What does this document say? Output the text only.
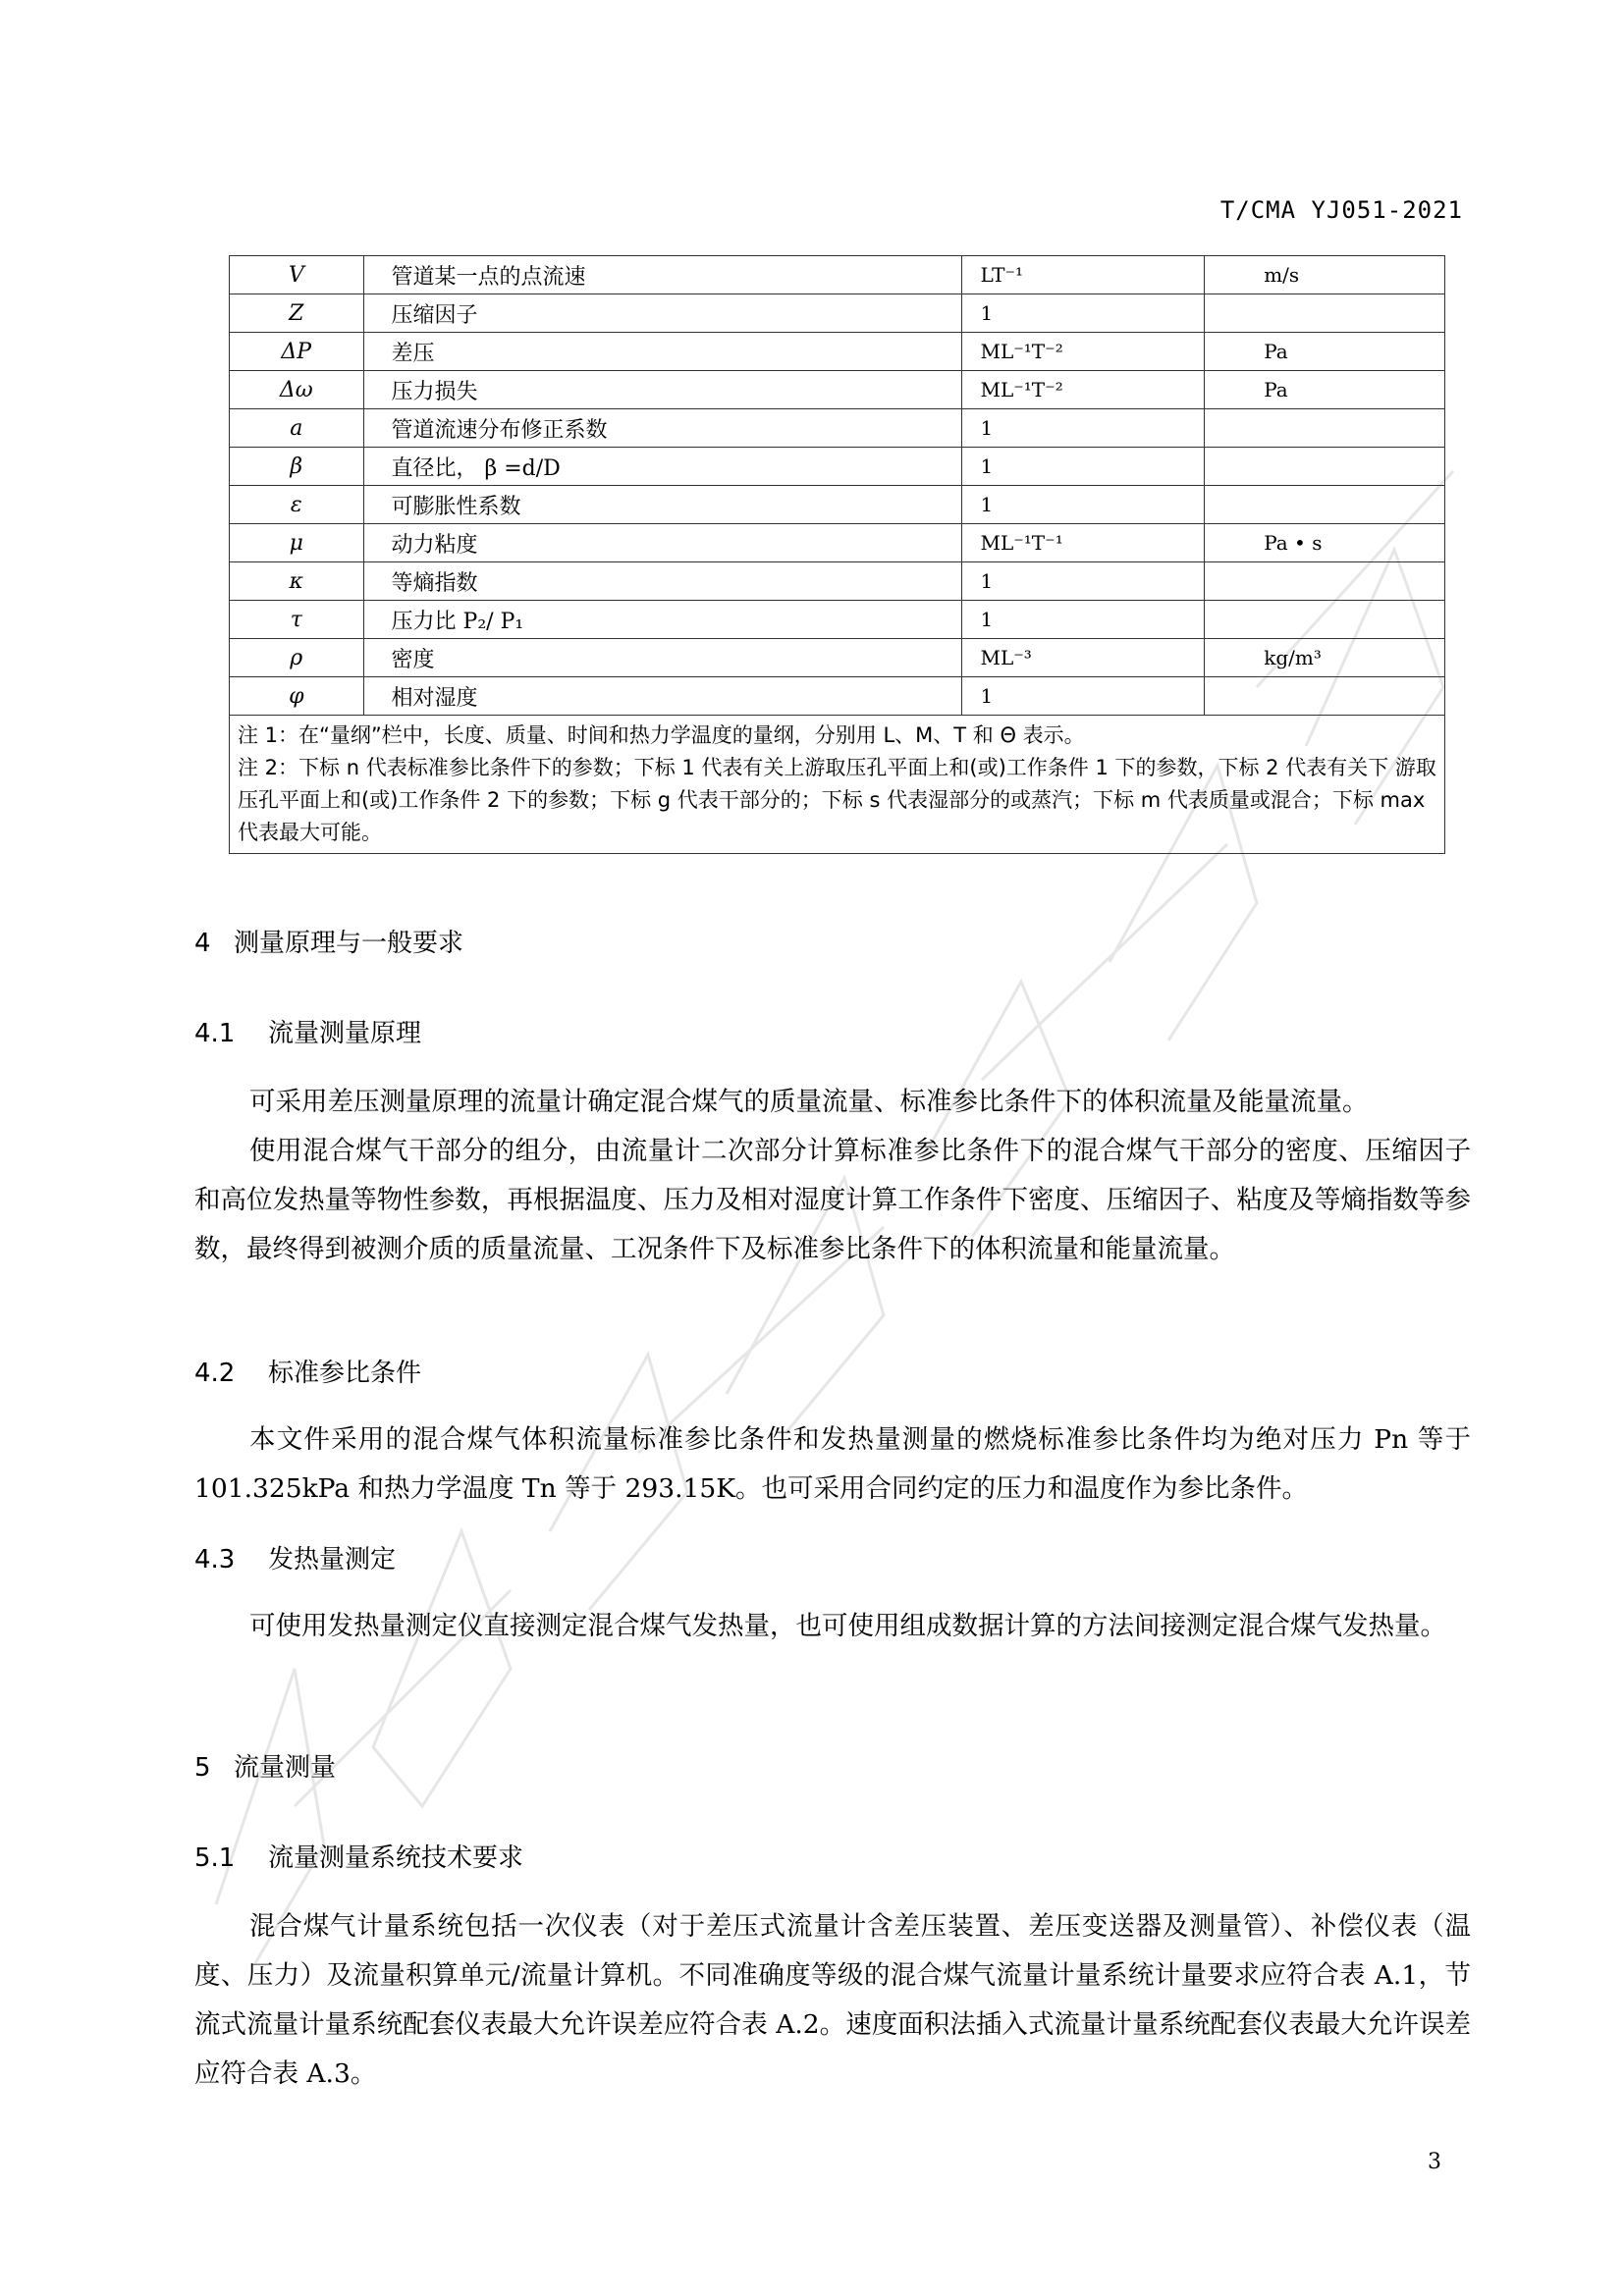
T/CMA YJ051-2021
V	管道某一点的点流速	LT⁻¹	m/s
Z	压缩因子	1	
ΔP	差压	ML⁻¹T⁻²	Pa
Δω	压力损失	ML⁻¹T⁻²	Pa
a	管道流速分布修正系数	1	
β	直径比， β =d/D	1	
ε	可膨胀性系数	1	
μ	动力粘度	ML⁻¹T⁻¹	Pa • s
κ	等熵指数	1	
τ	压力比 P₂/ P₁	1	
ρ	密度	ML⁻³	kg/m³
φ	相对湿度	1	

注 1：在“量纲”栏中，长度、质量、时间和热力学温度的量纲，分别用 L、M、T 和 Θ 表示。
注 2：下标 n 代表标准参比条件下的参数；下标 1 代表有关上游取压孔平面上和(或)工作条件 1 下的参数，下标 2 代表有关下 游取压孔平面上和(或)工作条件 2 下的参数；下标 g 代表干部分的；下标 s 代表湿部分的或蒸汽；下标 m 代表质量或混合；下标 max 代表最大可能。			
4 测量原理与一般要求
4.1 流量测量原理
可采用差压测量原理的流量计确定混合煤气的质量流量、标准参比条件下的体积流量及能量流量。
使用混合煤气干部分的组分，由流量计二次部分计算标准参比条件下的混合煤气干部分的密度、压缩因子和高位发热量等物性参数，再根据温度、压力及相对湿度计算工作条件下密度、压缩因子、粘度及等熵指数等参数，最终得到被测介质的质量流量、工况条件下及标准参比条件下的体积流量和能量流量。
4.2 标准参比条件
本文件采用的混合煤气体积流量标准参比条件和发热量测量的燃烧标准参比条件均为绝对压力 Pn 等于 101.325kPa 和热力学温度 Tn 等于 293.15K。也可采用合同约定的压力和温度作为参比条件。
4.3 发热量测定
可使用发热量测定仪直接测定混合煤气发热量，也可使用组成数据计算的方法间接测定混合煤气发热量。
5 流量测量
5.1 流量测量系统技术要求
混合煤气计量系统包括一次仪表（对于差压式流量计含差压装置、差压变送器及测量管）、补偿仪表（温度、压力）及流量积算单元/流量计算机。不同准确度等级的混合煤气流量计量系统计量要求应符合表 A.1，节流式流量计量系统配套仪表最大允许误差应符合表 A.2。速度面积法插入式流量计量系统配套仪表最大允许误差应符合表 A.3。
3
